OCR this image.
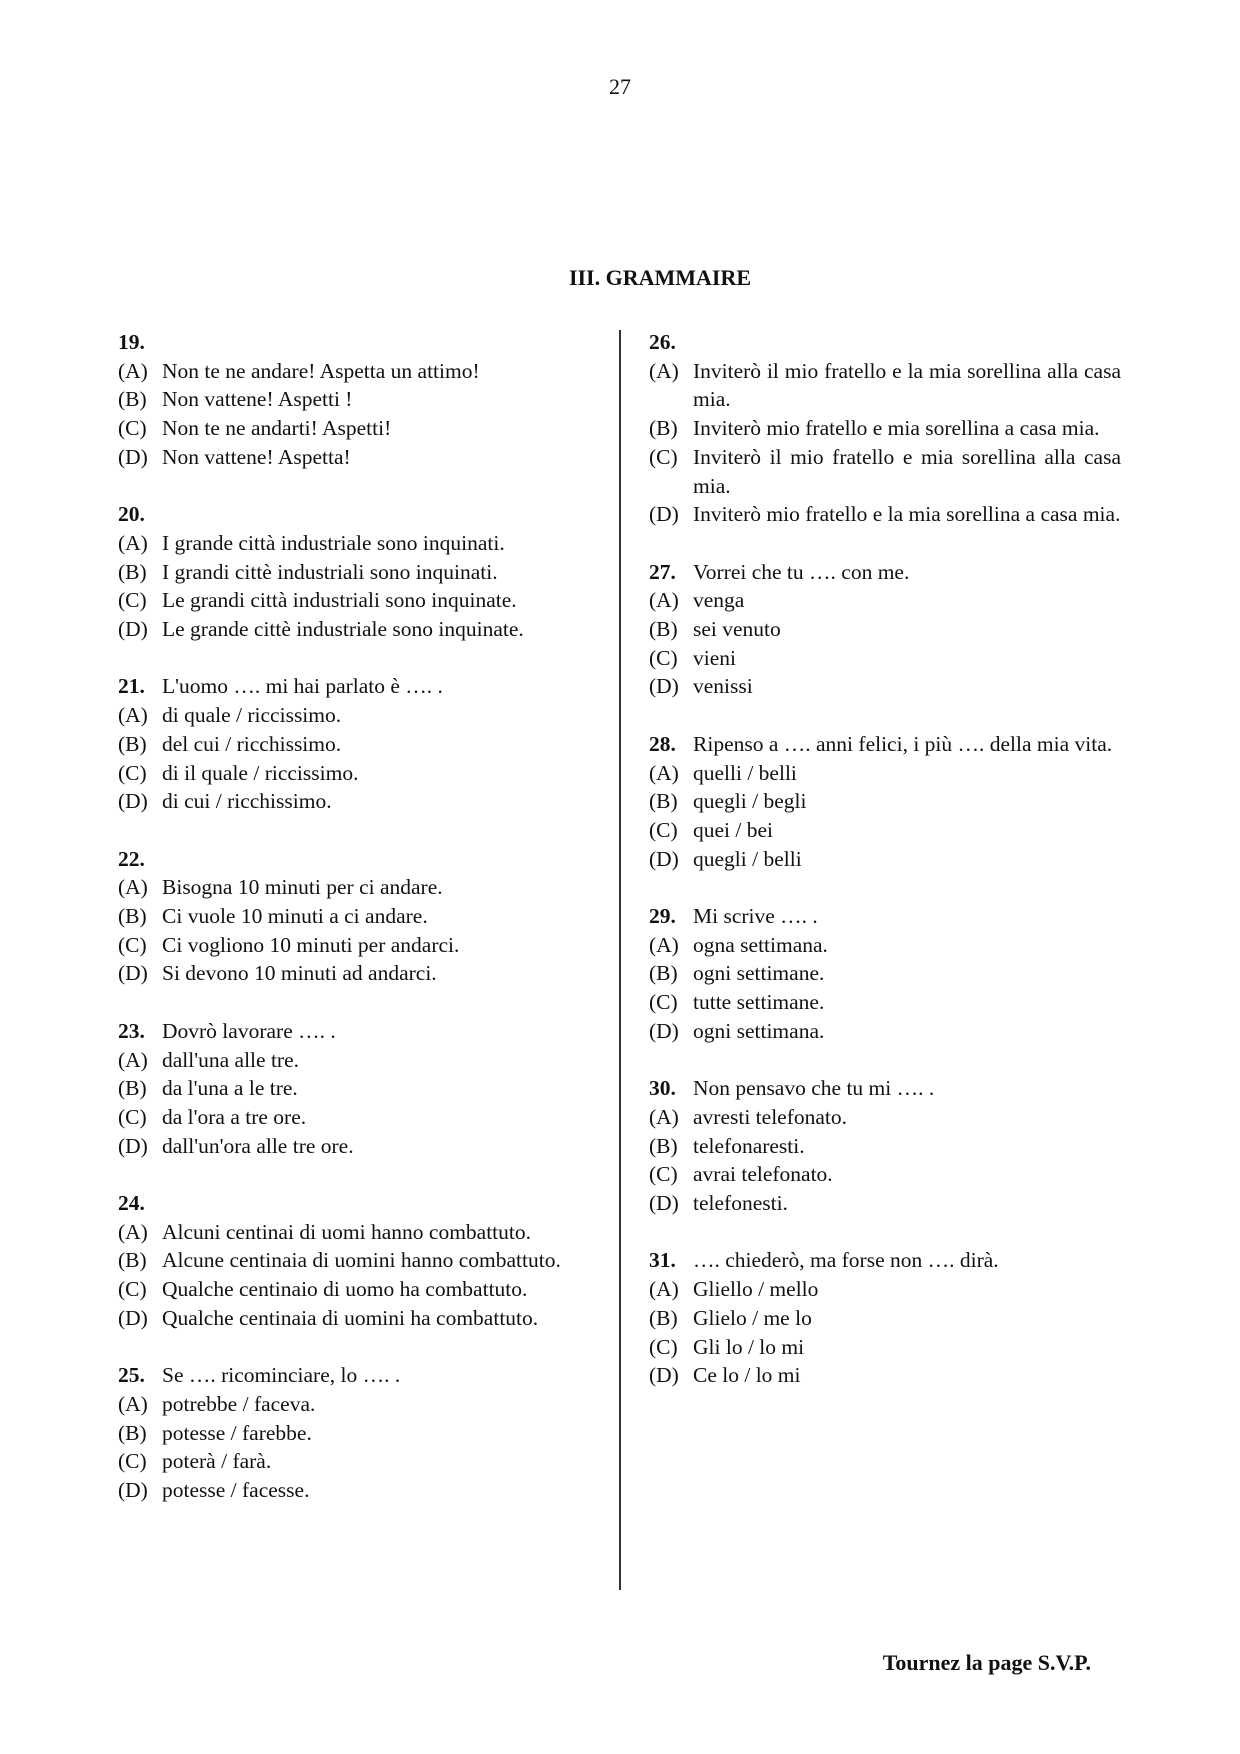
27
III. GRAMMAIRE
19.
(A) Non te ne andare! Aspetta un attimo!
(B) Non vattene! Aspetti !
(C) Non te ne andarti! Aspetti!
(D) Non vattene! Aspetta!
20.
(A) I grande città industriale sono inquinati.
(B) I grandi cittè industriali sono inquinati.
(C) Le grandi città industriali sono inquinate.
(D) Le grande cittè industriale sono inquinate.
21. L'uomo …. mi hai parlato è …. .
(A) di quale / riccissimo.
(B) del cui / ricchissimo.
(C) di il quale / riccissimo.
(D) di cui / ricchissimo.
22.
(A) Bisogna 10 minuti per ci andare.
(B) Ci vuole 10 minuti a ci andare.
(C) Ci vogliono 10 minuti per andarci.
(D) Si devono 10 minuti ad andarci.
23. Dovrò lavorare …. .
(A) dall'una alle tre.
(B) da l'una a le tre.
(C) da l'ora a tre ore.
(D) dall'un'ora alle tre ore.
24.
(A) Alcuni centinai di uomi hanno combattuto.
(B) Alcune centinaia di uomini hanno combattuto.
(C) Qualche centinaio di uomo ha combattuto.
(D) Qualche centinaia di uomini ha combattuto.
25. Se …. ricominciare, lo …. .
(A) potrebbe / faceva.
(B) potesse / farebbe.
(C) poterà / farà.
(D) potesse / facesse.
26.
(A) Inviterò il mio fratello e la mia sorellina alla casa mia.
(B) Inviterò mio fratello e mia sorellina a casa mia.
(C) Inviterò il mio fratello e mia sorellina alla casa mia.
(D) Inviterò mio fratello e la mia sorellina a casa mia.
27. Vorrei che tu …. con me.
(A) venga
(B) sei venuto
(C) vieni
(D) venissi
28. Ripenso a …. anni felici, i più …. della mia vita.
(A) quelli / belli
(B) quegli / begli
(C) quei / bei
(D) quegli / belli
29. Mi scrive …. .
(A) ogna settimana.
(B) ogni settimane.
(C) tutte settimane.
(D) ogni settimana.
30. Non pensavo che tu mi …. .
(A) avresti telefonato.
(B) telefonaresti.
(C) avrai telefonato.
(D) telefonesti.
31. …. chiederò, ma forse non …. dirà.
(A) Gliello / mello
(B) Glielo / me lo
(C) Gli lo / lo mi
(D) Ce lo / lo mi
Tournez la page S.V.P.
